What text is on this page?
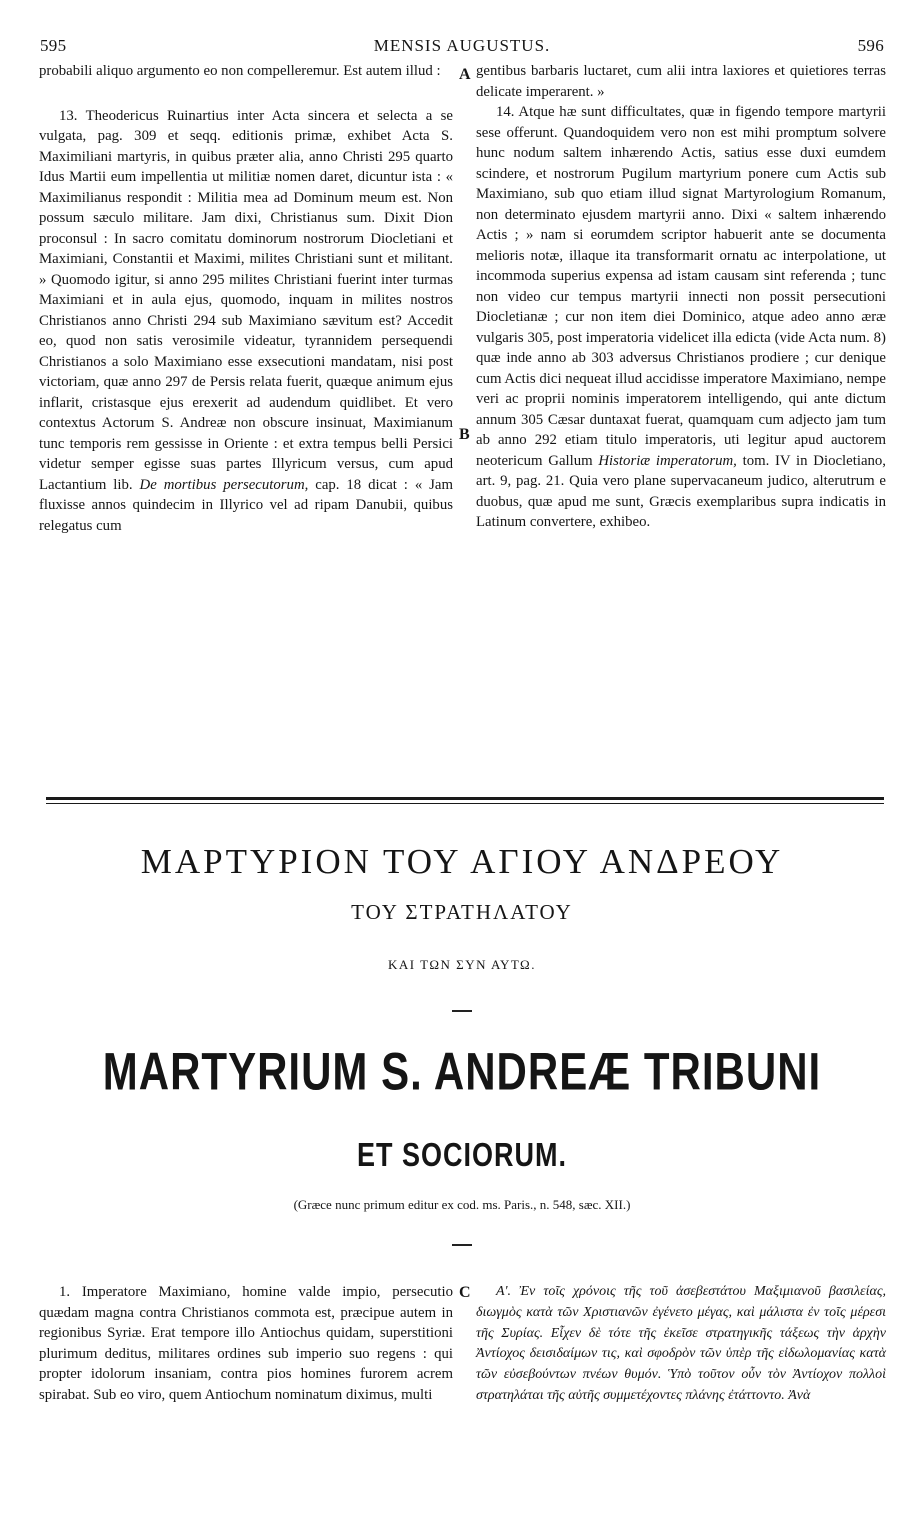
595	MENSIS AUGUSTUS.	596

probabili aliquo argumento eo non compelleremur. Est autem illud :

13. Theodericus Ruinartius inter Acta sincera et selecta a se vulgata, pag. 309 et seqq. editionis primæ, exhibet Acta S. Maximiliani martyris, in quibus præter alia, anno Christi 295 quarto Idus Martii eum impellentia ut militiæ nomen daret, dicuntur ista : « Maximilianus respondit : Militia mea ad Dominum meum est. Non possum sæculo militare. Jam dixi, Christianus sum. Dixit Dion proconsul : In sacro comitatu dominorum nostrorum Diocletiani et Maximiani, Constantii et Maximi, milites Christiani sunt et militant. » Quomodo igitur, si anno 295 milites Christiani fuerint inter turmas Maximiani et in aula ejus, quomodo, inquam in milites nostros Christianos anno Christi 294 sub Maximiano sævitum est? Accedit eo, quod non satis verosimile videatur, tyrannidem persequendi Christianos a solo Maximiano esse exsecutioni mandatam, nisi post victoriam, quæ anno 297 de Persis relata fuerit, quæque animum ejus inflarit, cristasque ejus erexerit ad audendum quidlibet. Et vero contextus Actorum S. Andreæ non obscure insinuat, Maximianum tunc temporis rem gessisse in Oriente : et extra tempus belli Persici videtur semper egisse suas partes Illyricum versus, cum apud Lactantium lib. De mortibus persecutorum, cap. 18 dicat : « Jam fluxisse annos quindecim in Illyrico vel ad ripam Danubii, quibus relegatus cum

A
B

gentibus barbaris luctaret, cum alii intra laxiores et quietiores terras delicate imperarent. »

14. Atque hæ sunt difficultates, quæ in figendo tempore martyrii sese offerunt. Quandoquidem vero non est mihi promptum solvere hunc nodum saltem inhærendo Actis, satius esse duxi eumdem scindere, et nostrorum Pugilum martyrium ponere cum Actis sub Maximiano, sub quo etiam illud signat Martyrologium Romanum, non determinato ejusdem martyrii anno. Dixi « saltem inhærendo Actis ; » nam si eorumdem scriptor habuerit ante se documenta melioris notæ, illaque ita transformarit ornatu ac interpolatione, ut incommoda superius expensa ad istam causam sint referenda ; tunc non video cur tempus martyrii innecti non possit persecutioni Diocletianæ ; cur non item diei Dominico, atque adeo anno æræ vulgaris 305, post imperatoria videlicet illa edicta (vide Acta num. 8) quæ inde anno ab 303 adversus Christianos prodiere ; cur denique cum Actis dici nequeat illud accidisse imperatore Maximiano, nempe veri ac proprii nominis imperatorem intelligendo, qui ante dictum annum 305 Cæsar duntaxat fuerat, quamquam cum adjecto jam tum ab anno 292 etiam titulo imperatoris, uti legitur apud auctorem neotericum Gallum Historiæ imperatorum, tom. IV in Diocletiano, art. 9, pag. 21. Quia vero plane supervacaneum judico, alterutrum e duobus, quæ apud me sunt, Græcis exemplaribus supra indicatis in Latinum convertere, exhibeo.

ΜΑΡΤΥΡΙΟΝ ΤΟΥ ΑΓΙΟΥ ΑΝΔΡΕΟΥ
ΤΟΥ ΣΤΡΑΤΗΛΑΤΟΥ
ΚΑΙ ΤΩΝ ΣΥΝ ΑΥΤΩ.
MARTYRIUM S. ANDREÆ TRIBUNI
ET SOCIORUM.
(Græce nunc primum editur ex cod. ms. Paris., n. 548, sæc. XII.)

1. Imperatore Maximiano, homine valde impio, persecutio quædam magna contra Christianos commota est, præcipue autem in regionibus Syriæ. Erat tempore illo Antiochus quidam, superstitioni plurimum deditus, militares ordines sub imperio suo regens : qui propter idolorum insaniam, contra pios homines furorem acrem spirabat. Sub eo viro, quem Antiochum nominatum diximus, multi

C	Α'. Ἐν τοῖς χρόνοις τῆς τοῦ ἀσεβεστάτου Μαξιμιανοῦ βασιλείας, διωγμὸς κατὰ τῶν Χριστιανῶν ἐγένετο μέγας, καὶ μάλιστα ἐν τοῖς μέρεσι τῆς Συρίας. Εἶχεν δὲ τότε τῆς ἐκεῖσε στρατηγικῆς τάξεως τὴν ἀρχὴν Ἀντίοχος δεισιδαίμων τις, καὶ σφοδρὸν τῶν ὑπὲρ τῆς εἰδωλομανίας κατὰ τῶν εὐσεβούντων πνέων θυμόν. Ὑπὸ τοῦτον οὖν τὸν Ἀντίοχον πολλοὶ στρατηλάται τῆς αὐτῆς συμμετέχοντες πλάνης ἐτάττοντο. Ἀνὰ
